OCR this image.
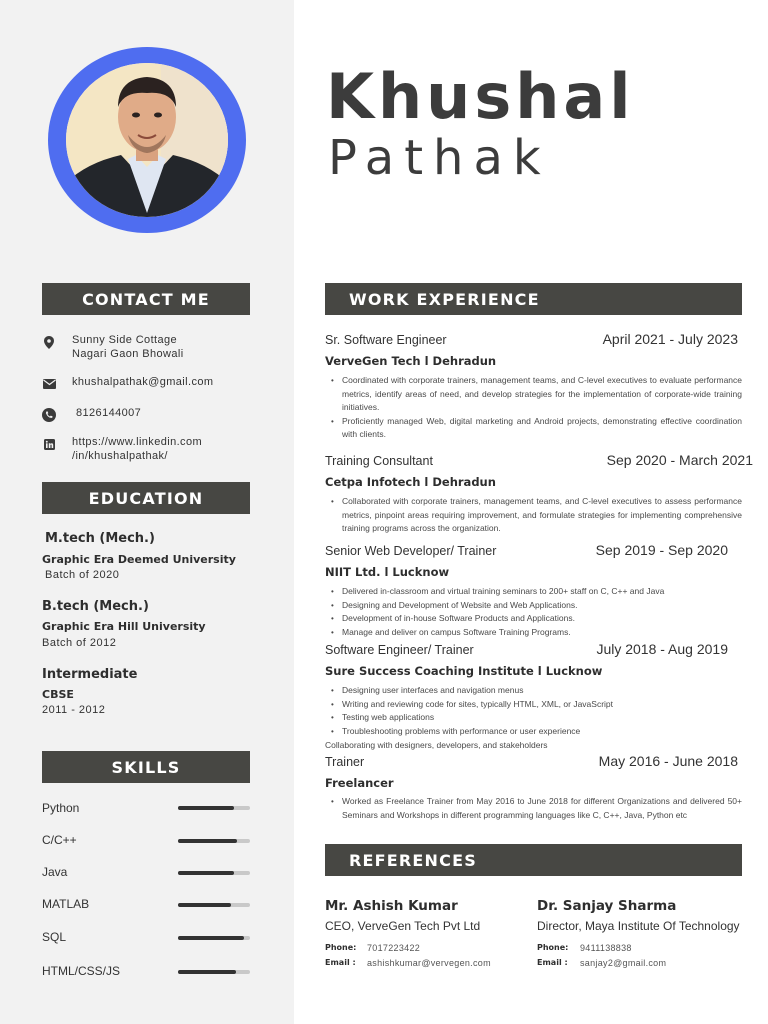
Khushal
Pathak
CONTACT ME
Sunny Side Cottage
Nagari Gaon Bhowali
khushalpathak@gmail.com
8126144007
https://www.linkedin.com
/in/khushalpathak/
EDUCATION
M.tech (Mech.)
Graphic Era Deemed University
Batch of 2020
B.tech (Mech.)
Graphic Era Hill University
Batch of 2012
Intermediate
CBSE
2011 - 2012
SKILLS
Python
C/C++
Java
MATLAB
SQL
HTML/CSS/JS
WORK EXPERIENCE
Sr. Software Engineer	April 2021 - July 2023
VerveGen Tech l Dehradun
• Coordinated with corporate trainers, management teams, and C-level executives to evaluate performance metrics, identify areas of need, and develop strategies for the implementation of corporate-wide training initiatives.
• Proficiently managed Web, digital marketing and Android projects, demonstrating effective coordination with clients.
Training Consultant	Sep 2020 - March 2021
Cetpa Infotech l Dehradun
• Collaborated with corporate trainers, management teams, and C-level executives to assess performance metrics, pinpoint areas requiring improvement, and formulate strategies for implementing comprehensive training programs across the organization.
Senior Web Developer/ Trainer	Sep 2019 - Sep 2020
NIIT Ltd. l Lucknow
• Delivered in-classroom and virtual training seminars to 200+ staff on C, C++ and Java
• Designing and Development of Website and Web Applications.
• Development of in-house Software Products and Applications.
• Manage and deliver on campus Software Training Programs.
Software Engineer/ Trainer	July 2018 - Aug 2019
Sure Success Coaching Institute l Lucknow
• Designing user interfaces and navigation menus
• Writing and reviewing code for sites, typically HTML, XML, or JavaScript
• Testing web applications
• Troubleshooting problems with performance or user experience
Collaborating with designers, developers, and stakeholders
Trainer	May 2016 - June 2018
Freelancer
• Worked as Freelance Trainer from May 2016 to June 2018 for different Organizations and delivered 50+ Seminars and Workshops in different programming languages like C, C++, Java, Python etc
REFERENCES
Mr. Ashish Kumar
CEO, VerveGen Tech Pvt Ltd
Phone: 7017223422
Email : ashishkumar@vervegen.com
Dr. Sanjay Sharma
Director, Maya Institute Of Technology
Phone: 9411138838
Email : sanjay2@gmail.com
